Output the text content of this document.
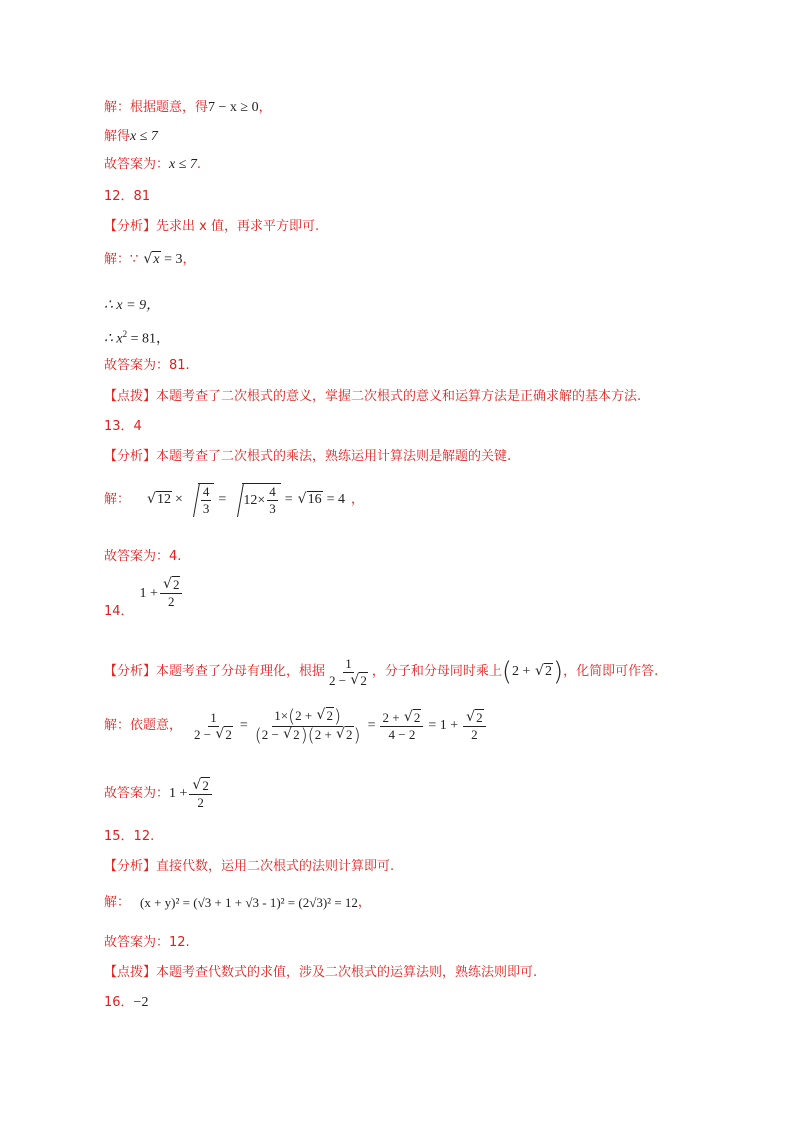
解：根据题意，得7 − x ≥ 0，
解得x ≤ 7
故答案为：x ≤ 7.
12．81
【分析】先求出 x 值，再求平方即可.
解：∵ √ x = 3，
∴ x = 9，
∴ $x^2 = 81$，
故答案为：81.
【点拨】本题考查了二次根式的意义，掌握二次根式的意义和运算方法是正确求解的基本方法.
13．4
【分析】本题考查了二次根式的乘法，熟练运用计算法则是解题的关键.
解：	√ $12 \times \frac{4}{3}$ =	$12\times \frac{4}{3}$ =	√ 16 = 4 ，
故答案为：4.
14．
1 + √ $\frac{2}{2}$
【分析】本题考查了分母有理化，根据 $\frac{1}{2 - √ 2}$ ，分子和分母同时乘上 (2 + √ 2) ，化简即可作答.
解：依题意， $\frac{1}{2 - √ 2} = \frac{1\times(2 + √ 2)}{(2 - √ 2)(2 + √ 2)} = \frac{2 + √ 2}{4 - 2} = 1$ + √ $\frac{2}{2}$
故答案为： 1 + √ $\frac{2}{2}$
15．12.
【分析】直接代数，运用二次根式的法则计算即可.
解： (x + y)² = (√3 + 1 + √3 - 1)² = (2√3)² = 12 ，
故答案为：12.
【点拨】本题考查代数式的求值，涉及二次根式的运算法则，熟练法则即可.
16．−2
